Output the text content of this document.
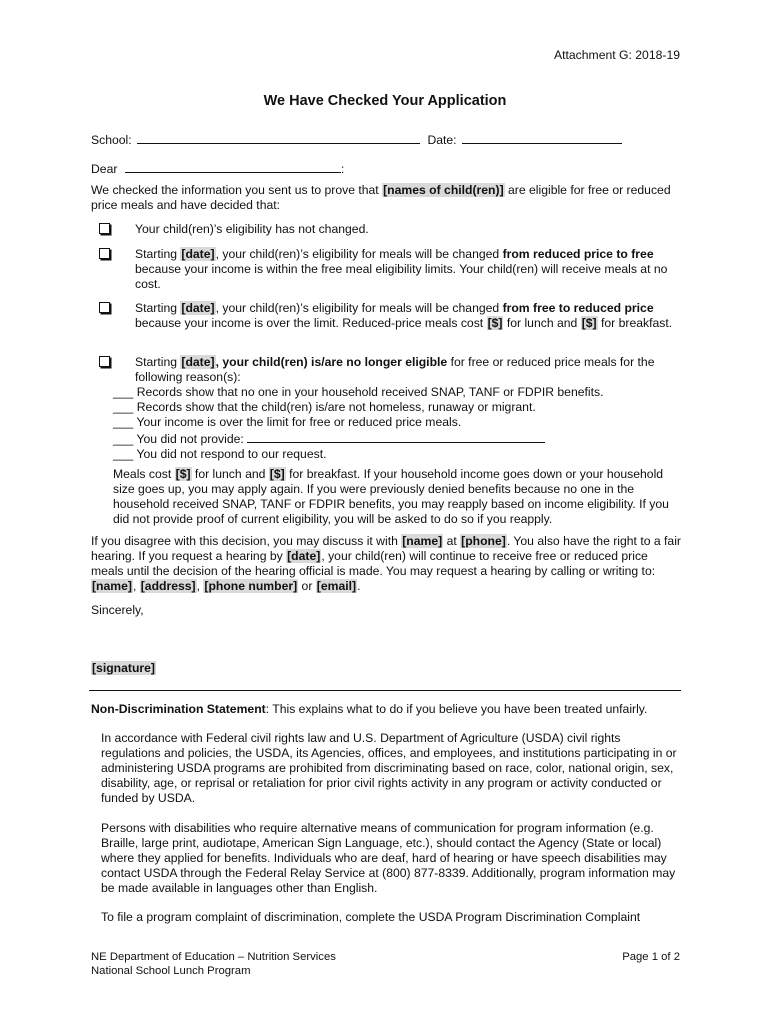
Attachment G: 2018-19
We Have Checked Your Application
School:	Date:
Dear	:
We checked the information you sent us to prove that [names of child(ren)] are eligible for free or reduced price meals and have decided that:
Your child(ren)’s eligibility has not changed.
Starting [date], your child(ren)’s eligibility for meals will be changed from reduced price to free because your income is within the free meal eligibility limits. Your child(ren) will receive meals at no cost.
Starting [date], your child(ren)’s eligibility for meals will be changed from free to reduced price because your income is over the limit. Reduced-price meals cost [$] for lunch and [$] for breakfast.
Starting [date], your child(ren) is/are no longer eligible for free or reduced price meals for the following reason(s):
___ Records show that no one in your household received SNAP, TANF or FDPIR benefits.
___ Records show that the child(ren) is/are not homeless, runaway or migrant.
___ Your income is over the limit for free or reduced price meals.
___ You did not provide:
___ You did not respond to our request.
Meals cost [$] for lunch and [$] for breakfast. If your household income goes down or your household size goes up, you may apply again. If you were previously denied benefits because no one in the household received SNAP, TANF or FDPIR benefits, you may reapply based on income eligibility. If you did not provide proof of current eligibility, you will be asked to do so if you reapply.
If you disagree with this decision, you may discuss it with [name] at [phone]. You also have the right to a fair hearing. If you request a hearing by [date], your child(ren) will continue to receive free or reduced price meals until the decision of the hearing official is made. You may request a hearing by calling or writing to: [name], [address], [phone number] or [email].
Sincerely,
[signature]
Non-Discrimination Statement: This explains what to do if you believe you have been treated unfairly.
In accordance with Federal civil rights law and U.S. Department of Agriculture (USDA) civil rights regulations and policies, the USDA, its Agencies, offices, and employees, and institutions participating in or administering USDA programs are prohibited from discriminating based on race, color, national origin, sex, disability, age, or reprisal or retaliation for prior civil rights activity in any program or activity conducted or funded by USDA.
Persons with disabilities who require alternative means of communication for program information (e.g. Braille, large print, audiotape, American Sign Language, etc.), should contact the Agency (State or local) where they applied for benefits. Individuals who are deaf, hard of hearing or have speech disabilities may contact USDA through the Federal Relay Service at (800) 877-8339. Additionally, program information may be made available in languages other than English.
To file a program complaint of discrimination, complete the USDA Program Discrimination Complaint
NE Department of Education – Nutrition Services
National School Lunch Program
Page 1 of 2
